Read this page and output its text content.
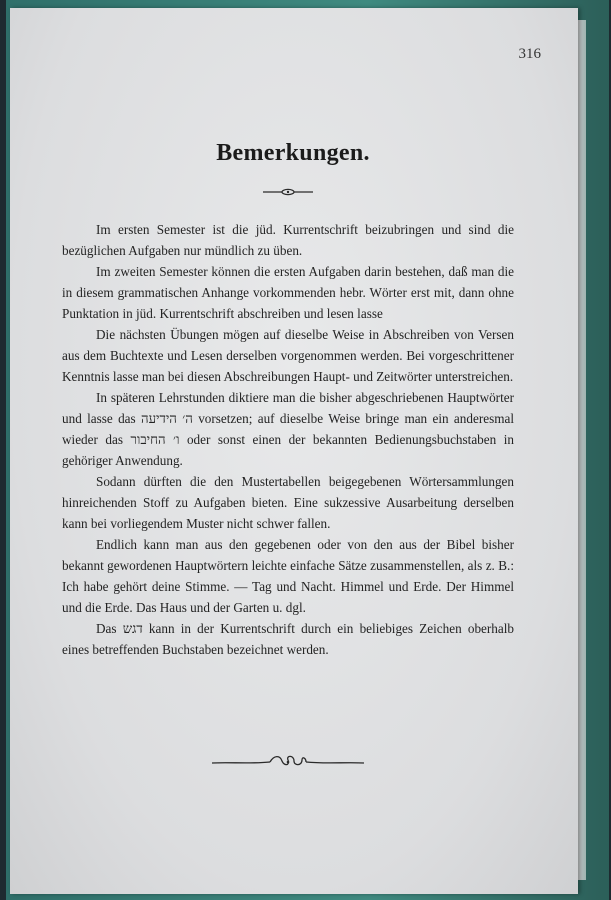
316
Bemerkungen.

Im ersten Semester ist die jüd. Kurrentschrift beizubringen und sind die bezüglichen Aufgaben nur mündlich zu üben.

Im zweiten Semester können die ersten Aufgaben darin bestehen, daß man die in diesem grammatischen Anhange vorkommenden hebr. Wörter erst mit, dann ohne Punktation in jüd. Kurrentschrift abschreiben und lesen lasse

Die nächsten Übungen mögen auf dieselbe Weise in Abschreiben von Versen aus dem Buchtexte und Lesen derselben vorgenommen werden. Bei vorgeschrittener Kenntnis lasse man bei diesen Abschreibungen Haupt- und Zeitwörter unterstreichen.

In späteren Lehrstunden diktiere man die bisher abgeschriebenen Hauptwörter und lasse das ה׳ הידיעה vorsetzen; auf dieselbe Weise bringe man ein anderesmal wieder das ו׳ החיבור oder sonst einen der bekannten Bedienungsbuchstaben in gehöriger Anwendung.

Sodann dürften die den Mustertabellen beigegebenen Wörtersammlungen hinreichenden Stoff zu Aufgaben bieten. Eine sukzessive Ausarbeitung derselben kann bei vorliegendem Muster nicht schwer fallen.

Endlich kann man aus den gegebenen oder von den aus der Bibel bisher bekannt gewordenen Hauptwörtern leichte einfache Sätze zusammenstellen, als z. B.: Ich habe gehört deine Stimme. — Tag und Nacht. Himmel und Erde. Der Himmel und die Erde. Das Haus und der Garten u. dgl.

Das דגש kann in der Kurrentschrift durch ein beliebiges Zeichen oberhalb eines betreffenden Buchstaben bezeichnet werden.
